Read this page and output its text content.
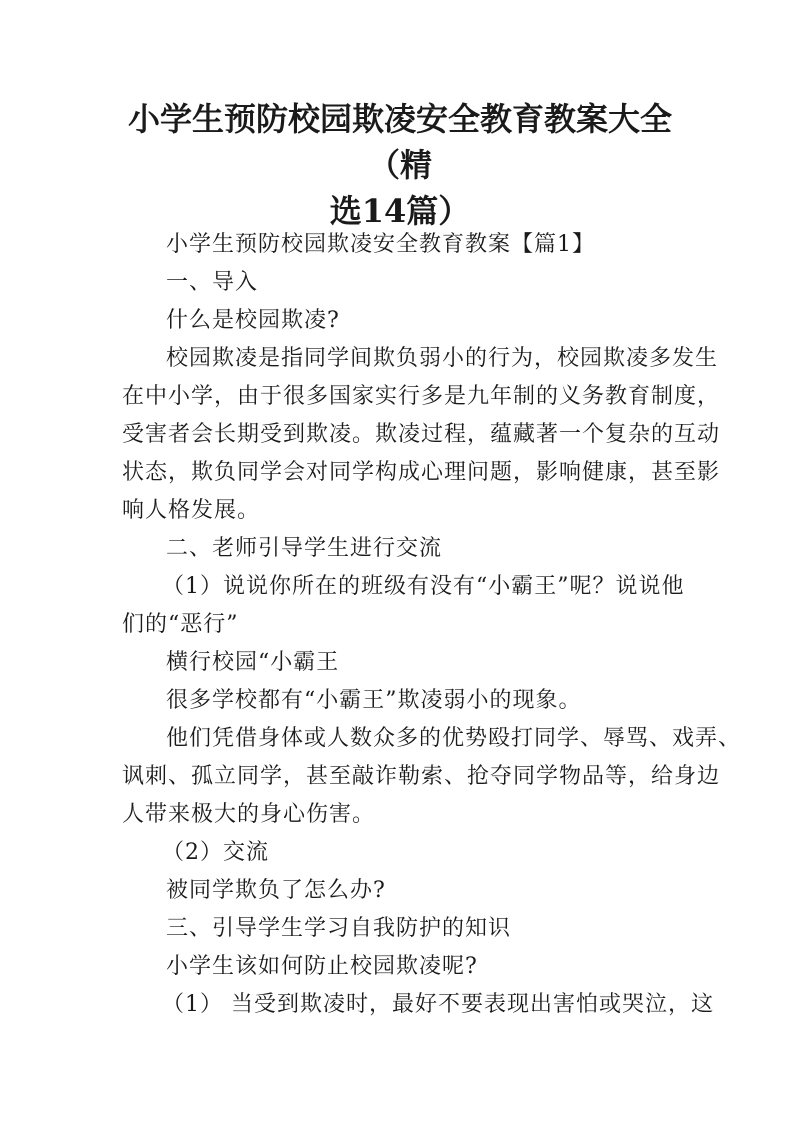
小学生预防校园欺凌安全教育教案大全（精
选14篇）
小学生预防校园欺凌安全教育教案【篇1】
一、导入
什么是校园欺凌?
校园欺凌是指同学间欺负弱小的行为，校园欺凌多发生
在中小学，由于很多国家实行多是九年制的义务教育制度，
受害者会长期受到欺凌。欺凌过程，蕴藏著一个复杂的互动
状态，欺负同学会对同学构成心理问题，影响健康，甚至影
响人格发展。
二、老师引导学生进行交流
（1）说说你所在的班级有没有“小霸王”呢？说说他
们的“恶行”
横行校园“小霸王
很多学校都有“小霸王”欺凌弱小的现象。
他们凭借身体或人数众多的优势殴打同学、辱骂、戏弄、
讽刺、孤立同学，甚至敲诈勒索、抢夺同学物品等，给身边
人带来极大的身心伤害。
（2）交流
被同学欺负了怎么办?
三、引导学生学习自我防护的知识
小学生该如何防止校园欺凌呢?
（1） 当受到欺凌时，最好不要表现出害怕或哭泣，这
